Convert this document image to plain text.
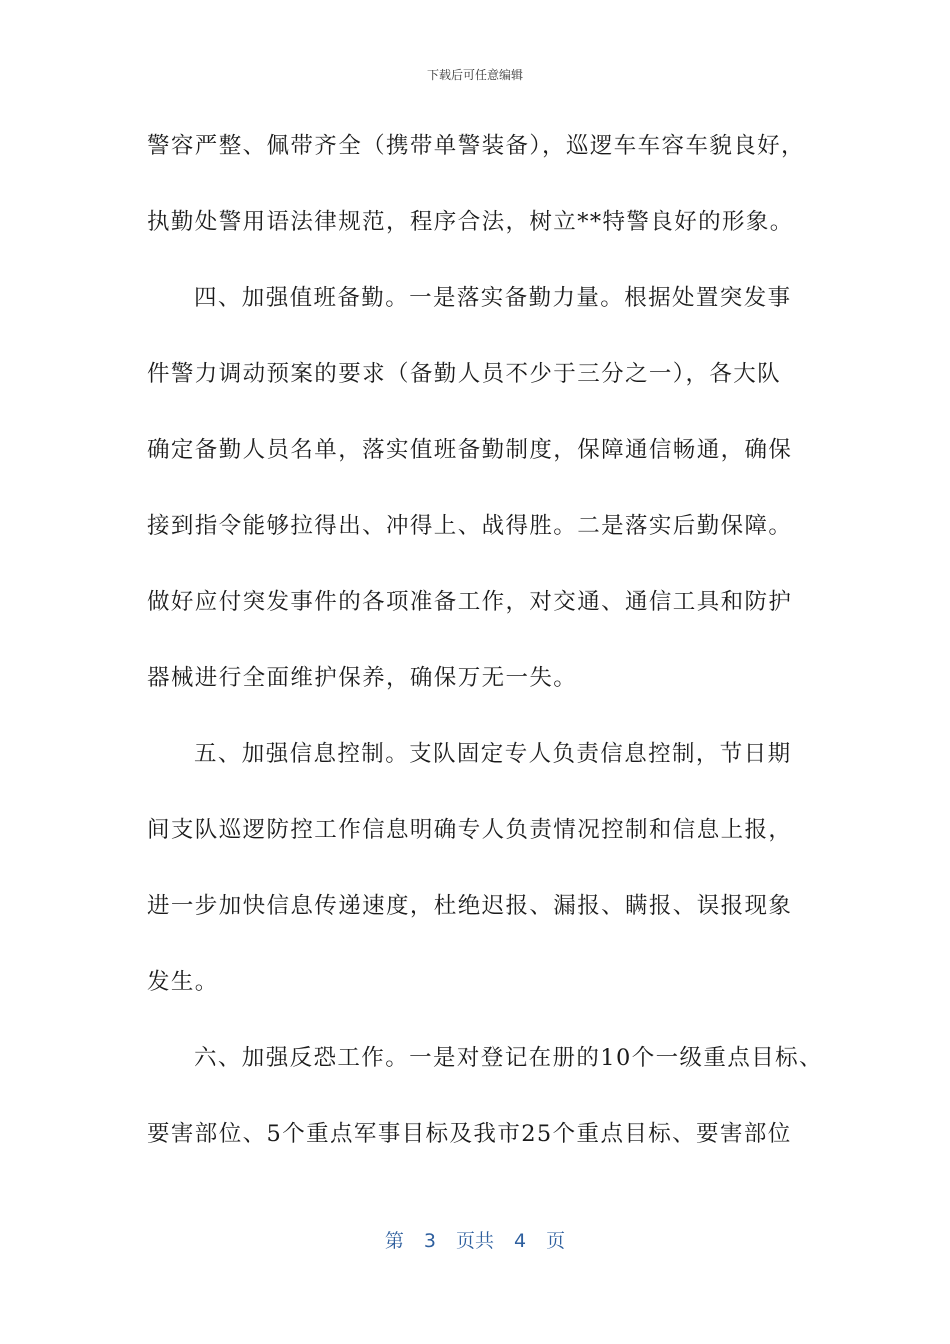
下载后可任意编辑
警容严整、佩带齐全（携带单警装备），巡逻车车容车貌良好，
执勤处警用语法律规范，程序合法，树立**特警良好的形象。
四、加强值班备勤。一是落实备勤力量。根据处置突发事
件警力调动预案的要求（备勤人员不少于三分之一），各大队
确定备勤人员名单，落实值班备勤制度，保障通信畅通，确保
接到指令能够拉得出、冲得上、战得胜。二是落实后勤保障。
做好应付突发事件的各项准备工作，对交通、通信工具和防护
器械进行全面维护保养，确保万无一失。
五、加强信息控制。支队固定专人负责信息控制，节日期
间支队巡逻防控工作信息明确专人负责情况控制和信息上报，
进一步加快信息传递速度，杜绝迟报、漏报、瞒报、误报现象
发生。
六、加强反恐工作。一是对登记在册的10个一级重点目标、
要害部位、5个重点军事目标及我市25个重点目标、要害部位
第 3 页共 4 页
